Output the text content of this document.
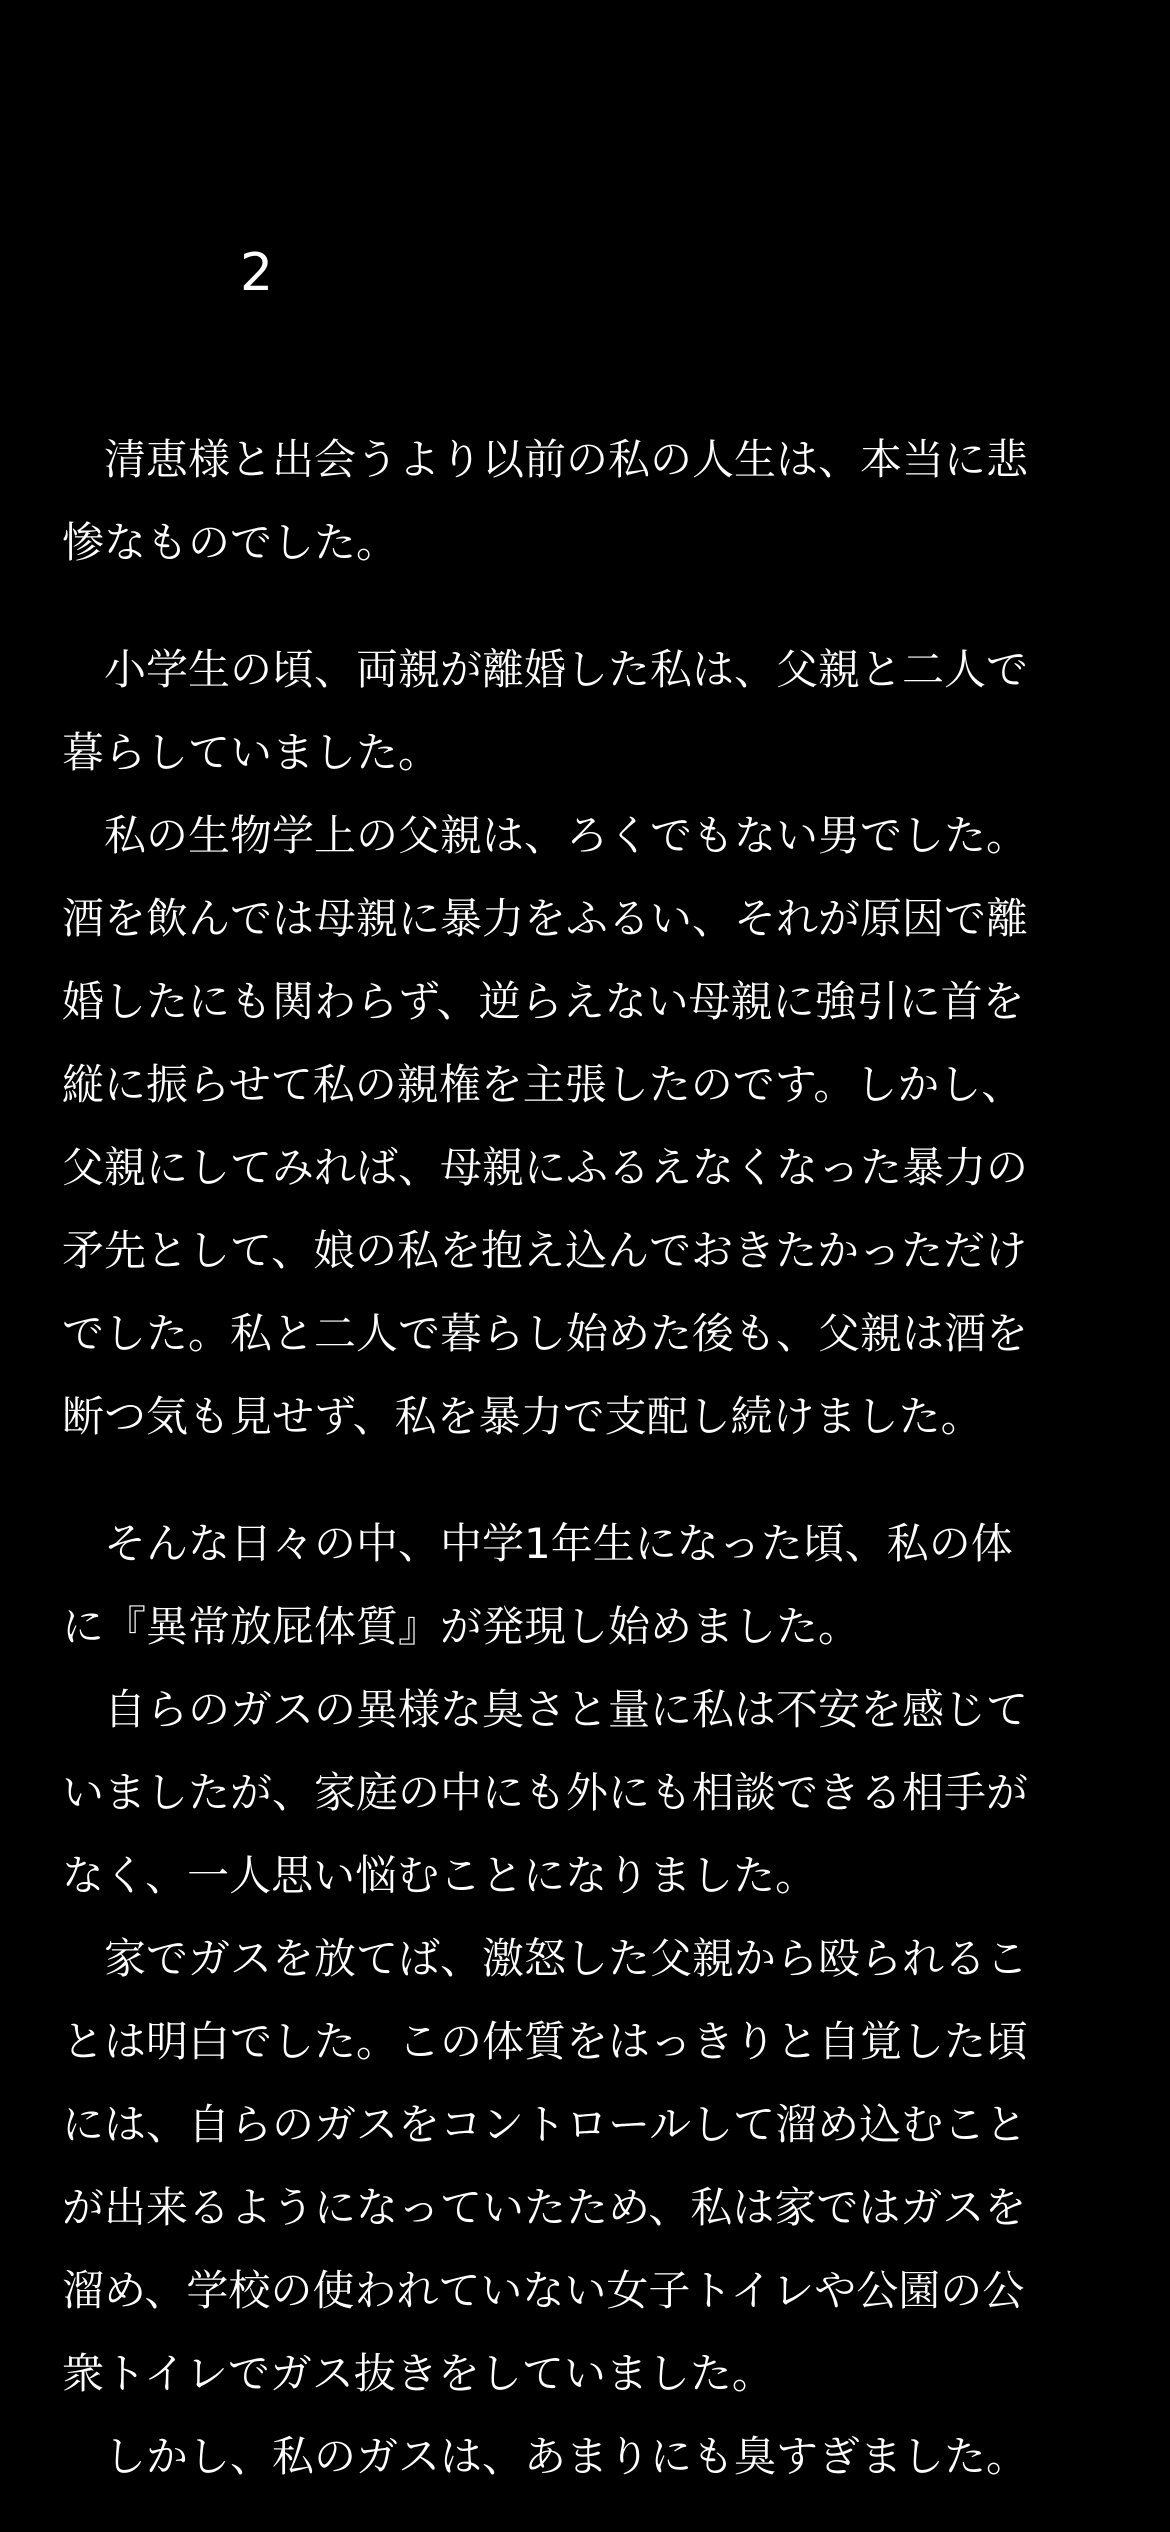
2
　清恵様と出会うより以前の私の人生は、本当に悲
惨なものでした。
　小学生の頃、両親が離婚した私は、父親と二人で
暮らしていました。
　私の生物学上の父親は、ろくでもない男でした。
酒を飲んでは母親に暴力をふるい、それが原因で離
婚したにも関わらず、逆らえない母親に強引に首を
縦に振らせて私の親権を主張したのです。しかし、
父親にしてみれば、母親にふるえなくなった暴力の
矛先として、娘の私を抱え込んでおきたかっただけ
でした。私と二人で暮らし始めた後も、父親は酒を
断つ気も見せず、私を暴力で支配し続けました。
　そんな日々の中、中学1年生になった頃、私の体
に『異常放屁体質』が発現し始めました。
　自らのガスの異様な臭さと量に私は不安を感じて
いましたが、家庭の中にも外にも相談できる相手が
なく、一人思い悩むことになりました。
　家でガスを放てば、激怒した父親から殴られるこ
とは明白でした。この体質をはっきりと自覚した頃
には、自らのガスをコントロールして溜め込むこと
が出来るようになっていたため、私は家ではガスを
溜め、学校の使われていない女子トイレや公園の公
衆トイレでガス抜きをしていました。
　しかし、私のガスは、あまりにも臭すぎました。
